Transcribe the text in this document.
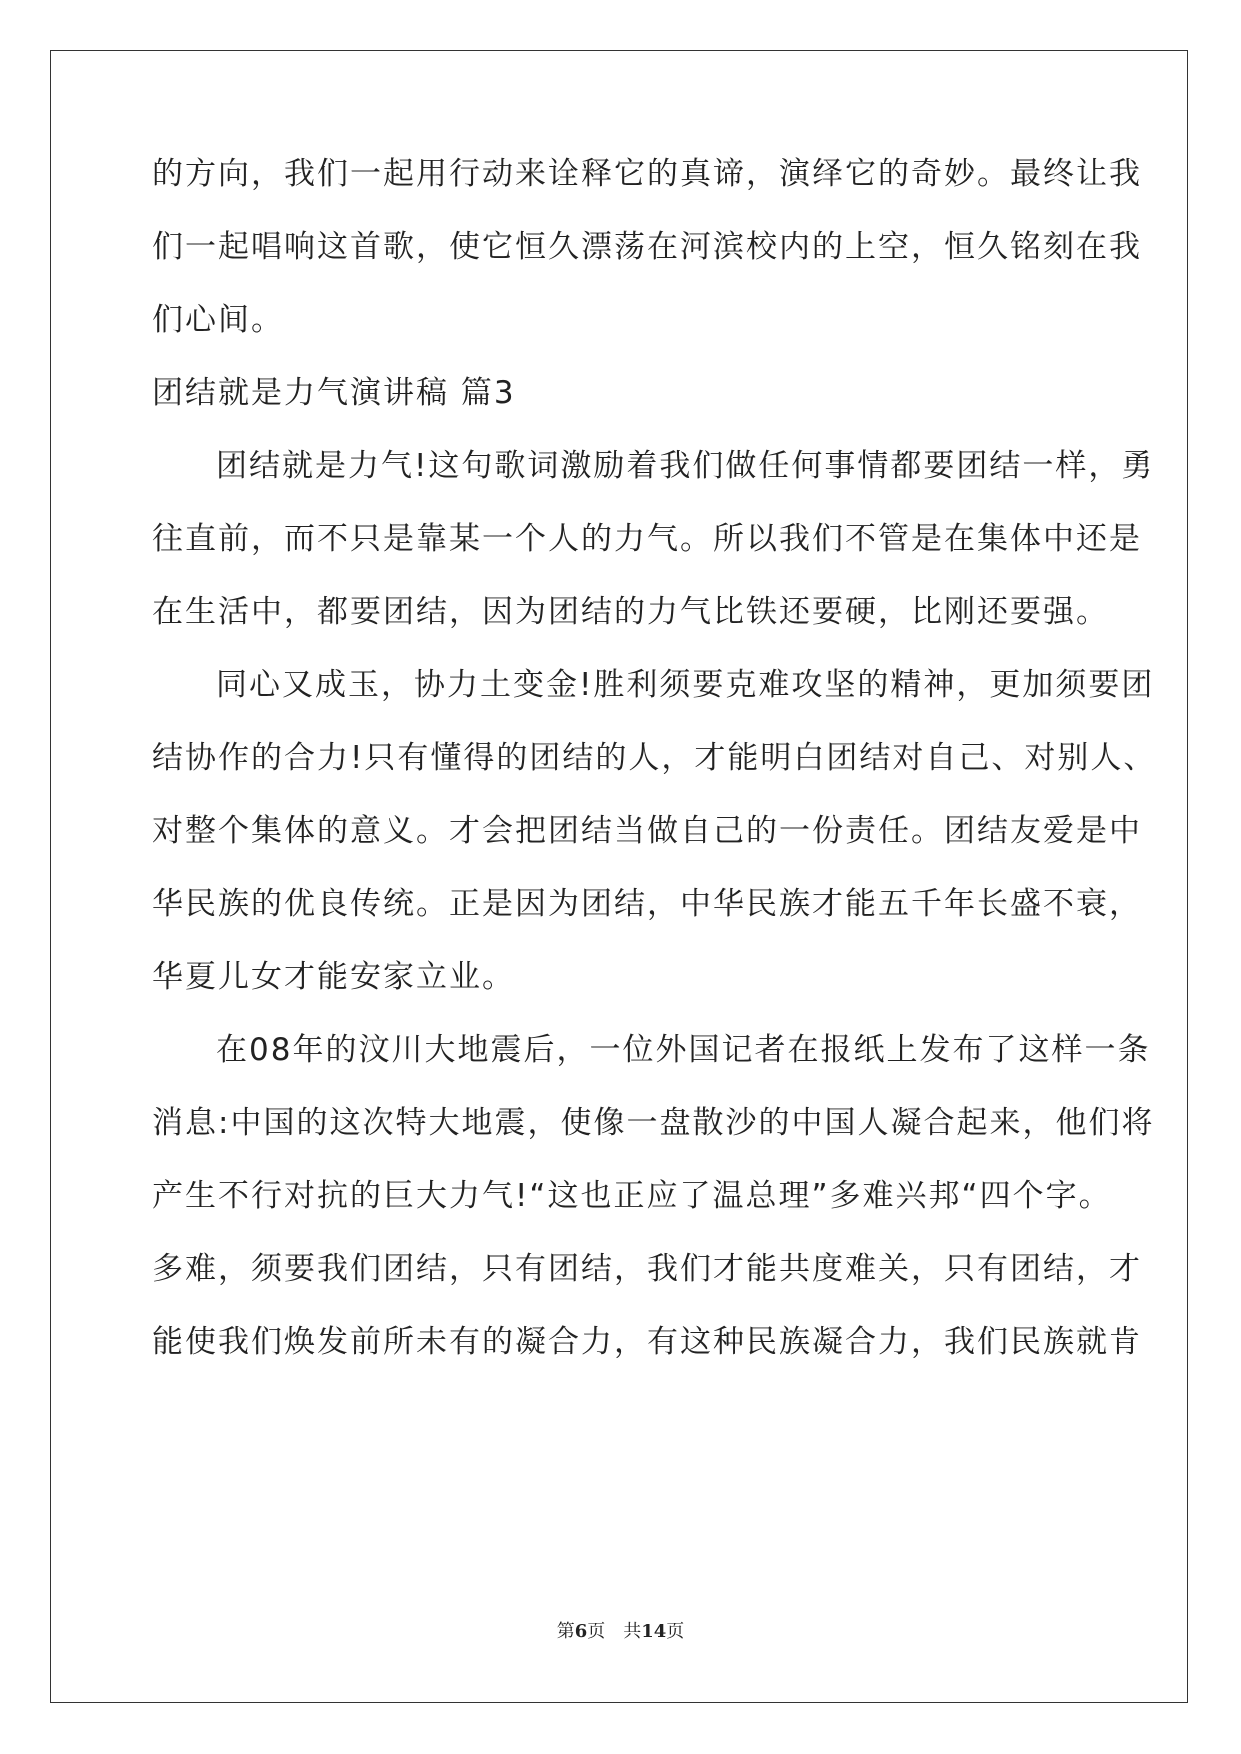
的方向，我们一起用行动来诠释它的真谛，演绎它的奇妙。最终让我
们一起唱响这首歌，使它恒久漂荡在河滨校内的上空，恒久铭刻在我
们心间。
团结就是力气演讲稿 篇3
团结就是力气!这句歌词激励着我们做任何事情都要团结一样，勇
往直前，而不只是靠某一个人的力气。所以我们不管是在集体中还是
在生活中，都要团结，因为团结的力气比铁还要硬，比刚还要强。
同心又成玉，协力土变金!胜利须要克难攻坚的精神，更加须要团
结协作的合力!只有懂得的团结的人，才能明白团结对自己、对别人、
对整个集体的意义。才会把团结当做自己的一份责任。团结友爱是中
华民族的优良传统。正是因为团结，中华民族才能五千年长盛不衰，
华夏儿女才能安家立业。
在08年的汶川大地震后，一位外国记者在报纸上发布了这样一条
消息:中国的这次特大地震，使像一盘散沙的中国人凝合起来，他们将
产生不行对抗的巨大力气!“这也正应了温总理”多难兴邦“四个字。
多难，须要我们团结，只有团结，我们才能共度难关，只有团结，才
能使我们焕发前所未有的凝合力，有这种民族凝合力，我们民族就肯
第6页 共14页
